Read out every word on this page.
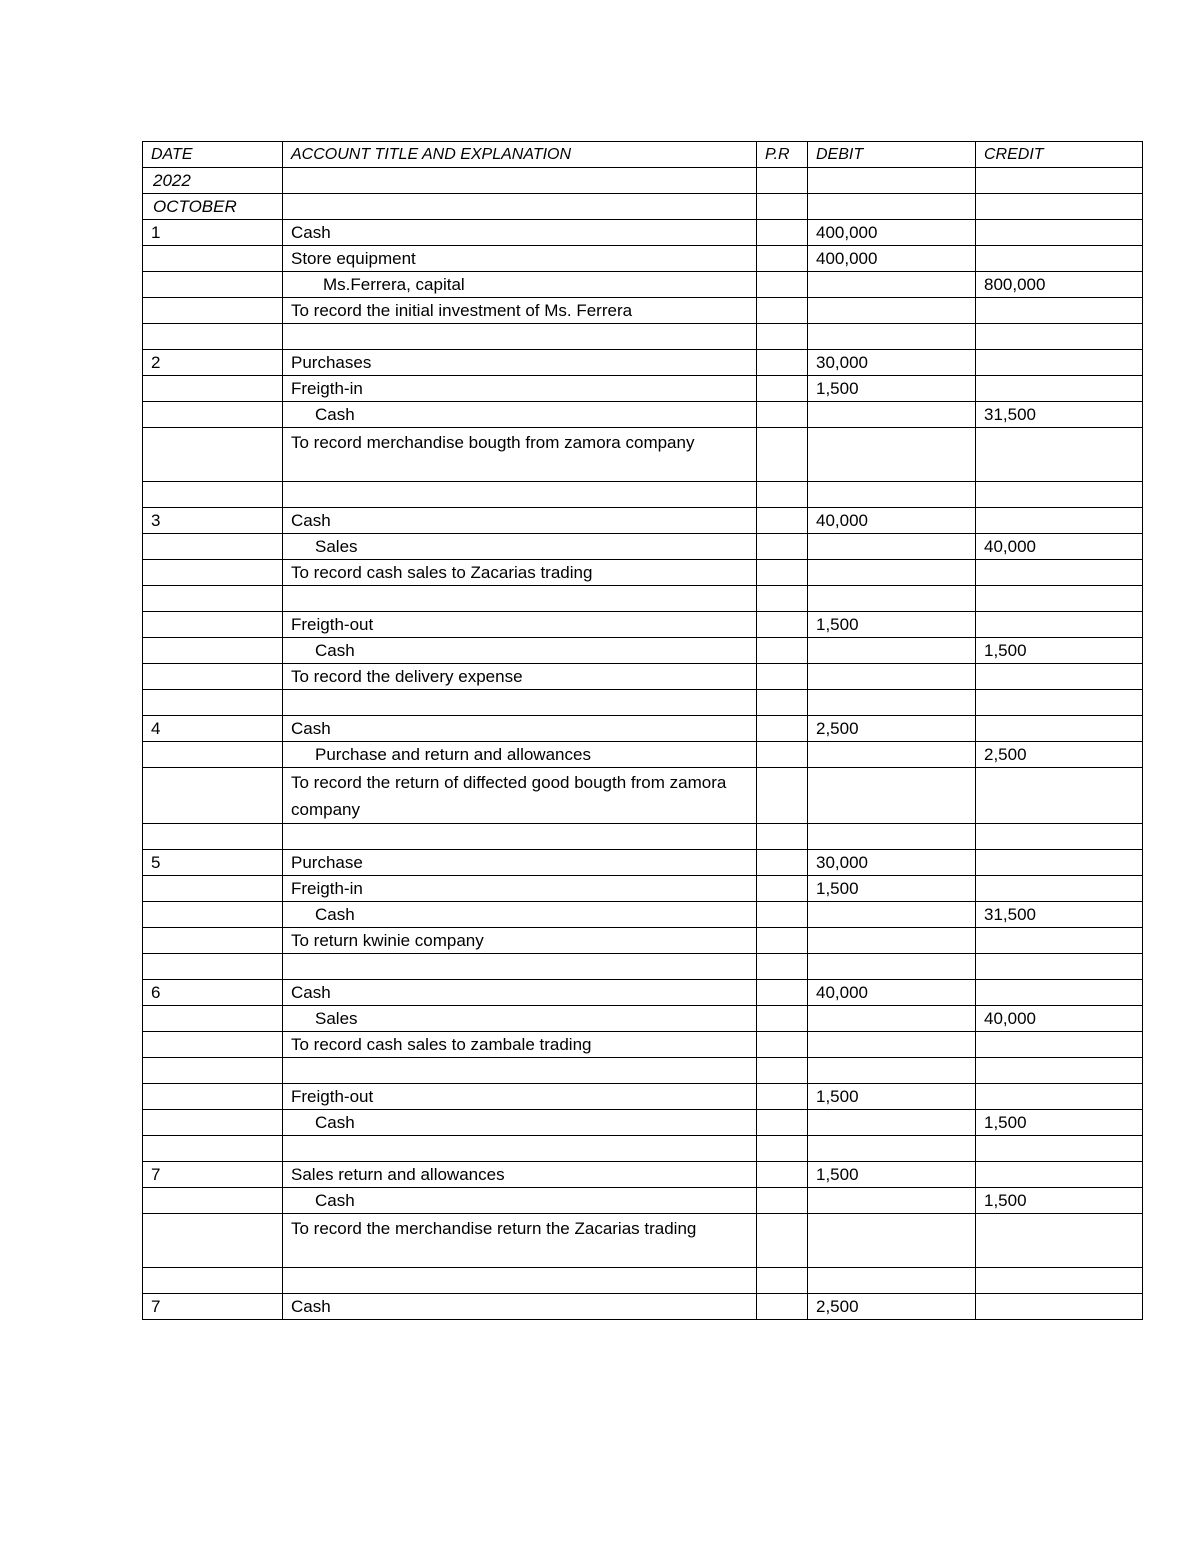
DATE	ACCOUNT TITLE AND EXPLANATION	P.R	DEBIT	CREDIT
2022				
OCTOBER				
1	Cash		400,000	
	Store equipment		400,000	
	Ms.Ferrera, capital			800,000
	To record the initial investment of Ms. Ferrera			

2	Purchases		30,000	
	Freigth-in		1,500	
	Cash			31,500
	To record merchandise bougth from zamora company			

3	Cash		40,000	
	Sales			40,000
	To record cash sales to Zacarias trading			

	Freigth-out		1,500	
	Cash			1,500
	To record the delivery expense			

4	Cash		2,500	
	Purchase and return and allowances			2,500
	To record the return of diffected good bougth from zamora company			

5	Purchase		30,000	
	Freigth-in		1,500	
	Cash			31,500
	To return kwinie company			

6	Cash		40,000	
	Sales			40,000
	To record cash sales to zambale trading			

	Freigth-out		1,500	
	Cash			1,500

7	Sales return and allowances		1,500	
	Cash			1,500
	To record the merchandise return the Zacarias trading			

7	Cash		2,500	
